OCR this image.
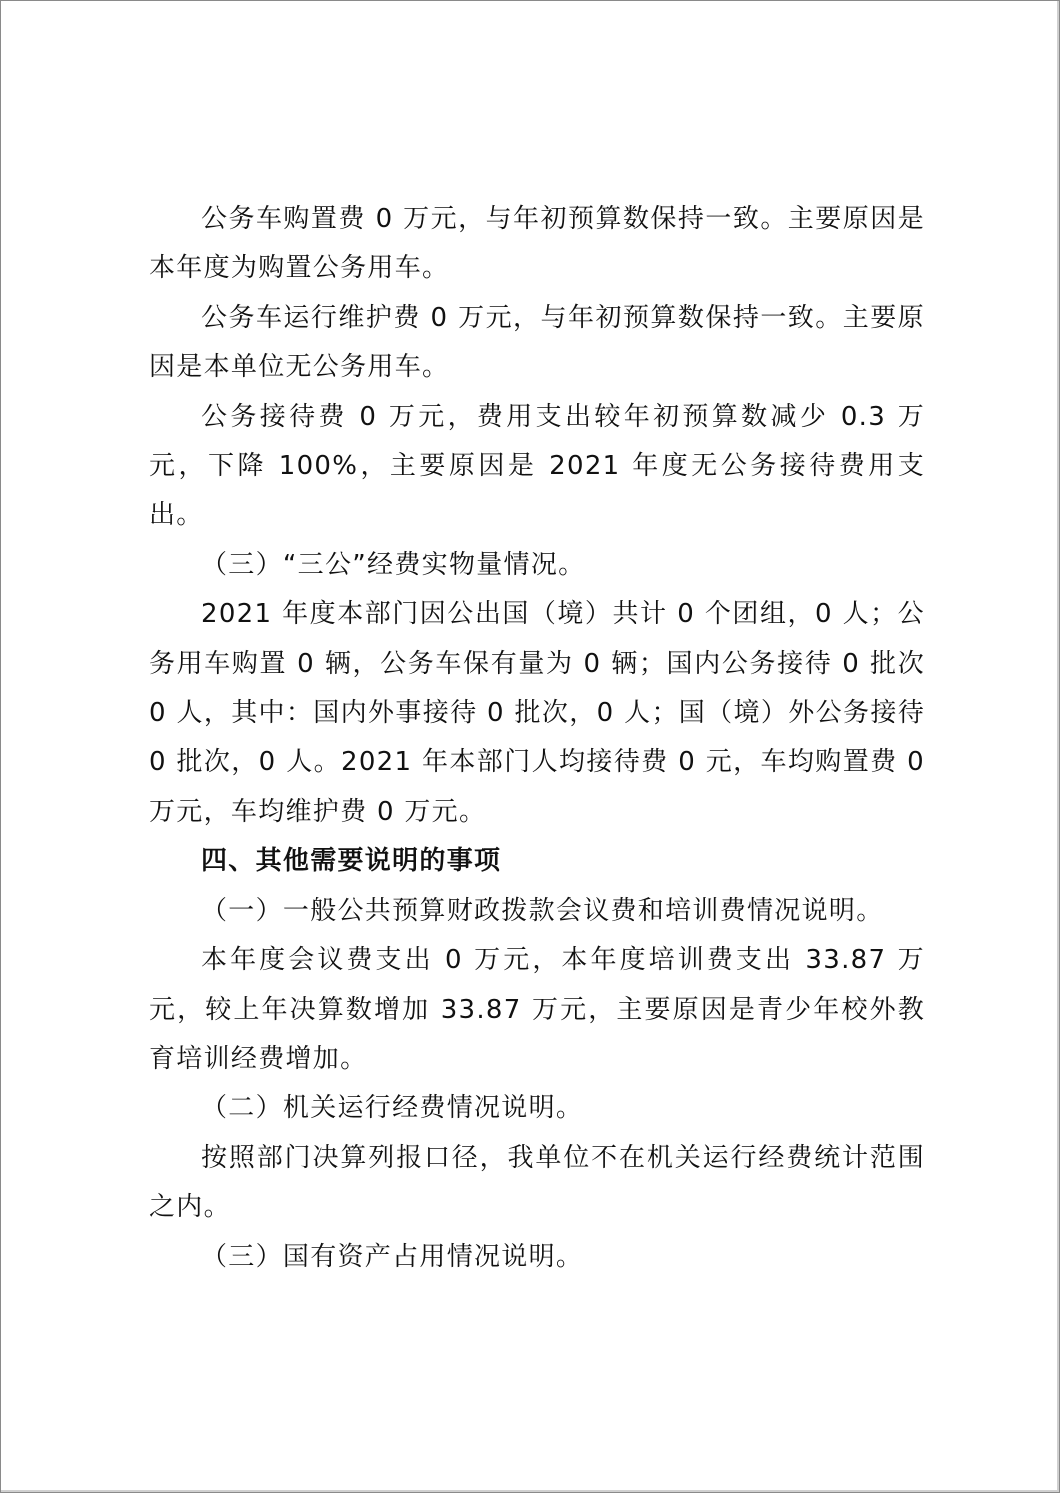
公务车购置费 0 万元，与年初预算数保持一致。主要原因是本年度为购置公务用车。

公务车运行维护费 0 万元，与年初预算数保持一致。主要原因是本单位无公务用车。

公务接待费 0 万元，费用支出较年初预算数减少 0.3 万元，下降 100%，主要原因是 2021 年度无公务接待费用支出。

（三）“三公”经费实物量情况。

2021 年度本部门因公出国（境）共计 0 个团组，0 人；公务用车购置 0 辆，公务车保有量为 0 辆；国内公务接待 0 批次 0 人，其中：国内外事接待 0 批次，0 人；国（境）外公务接待 0 批次，0 人。2021 年本部门人均接待费 0 元，车均购置费 0 万元，车均维护费 0 万元。

四、其他需要说明的事项

（一）一般公共预算财政拨款会议费和培训费情况说明。

本年度会议费支出 0 万元，本年度培训费支出 33.87 万元，较上年决算数增加 33.87 万元，主要原因是青少年校外教育培训经费增加。

（二）机关运行经费情况说明。

按照部门决算列报口径，我单位不在机关运行经费统计范围之内。

（三）国有资产占用情况说明。
